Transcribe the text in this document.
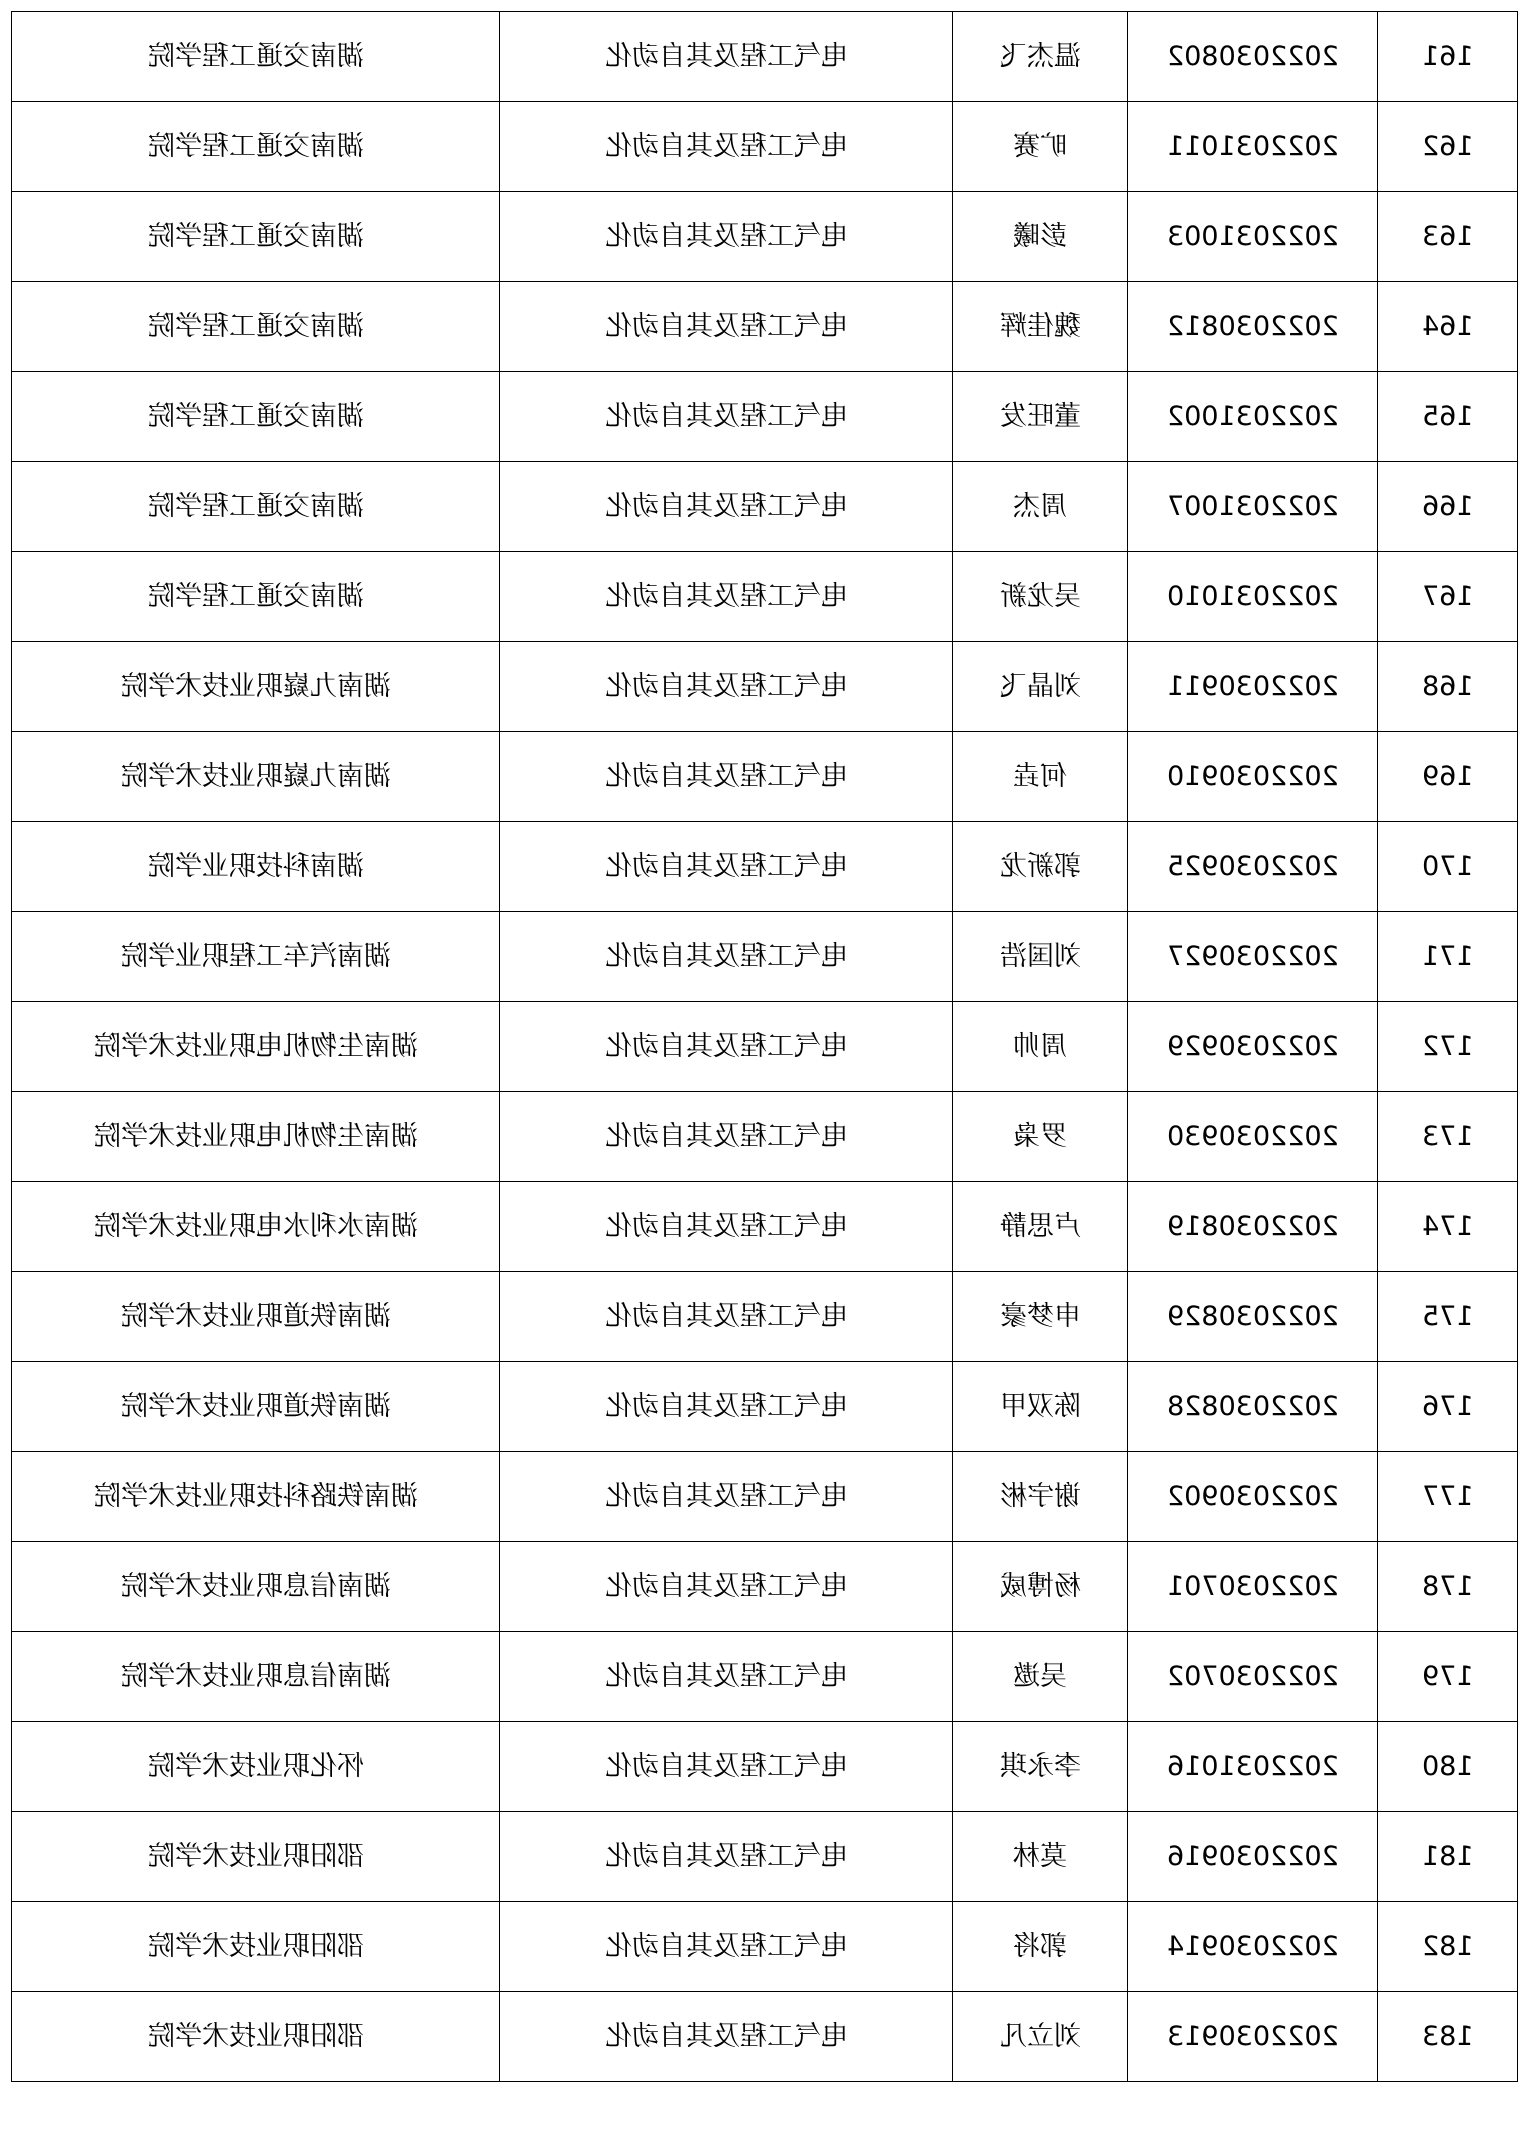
湖南交通工程学院	电气工程及其自动化	温杰飞	2022030802	161
湖南交通工程学院	电气工程及其自动化	旷赛	2022031011	162
湖南交通工程学院	电气工程及其自动化	彭曦	2022031003	163
湖南交通工程学院	电气工程及其自动化	魏佳辉	2022030812	164
湖南交通工程学院	电气工程及其自动化	董旺发	2022031002	165
湖南交通工程学院	电气工程及其自动化	周杰	2022031007	166
湖南交通工程学院	电气工程及其自动化	吴龙新	2022031010	167
湖南九嶷职业技术学院	电气工程及其自动化	刘晶飞	2022030911	168
湖南九嶷职业技术学院	电气工程及其自动化	何垚	2022030910	169
湖南科技职业学院	电气工程及其自动化	郭新龙	2022030925	170
湖南汽车工程职业学院	电气工程及其自动化	刘国浩	2022030927	171
湖南生物机电职业技术学院	电气工程及其自动化	周帅	2022030929	172
湖南生物机电职业技术学院	电气工程及其自动化	罗枭	2022030930	173
湖南水利水电职业技术学院	电气工程及其自动化	卢思静	2022030819	174
湖南铁道职业技术学院	电气工程及其自动化	申梦豪	2022030829	175
湖南铁道职业技术学院	电气工程及其自动化	陈双甲	2022030828	176
湖南铁路科技职业技术学院	电气工程及其自动化	谢宇彬	2022030902	177
湖南信息职业技术学院	电气工程及其自动化	杨博威	2022030701	178
湖南信息职业技术学院	电气工程及其自动化	吴遨	2022030702	179
怀化职业技术学院	电气工程及其自动化	李永琪	2022031016	180
邵阳职业技术学院	电气工程及其自动化	莫林	2022030916	181
邵阳职业技术学院	电气工程及其自动化	郭将	2022030914	182
邵阳职业技术学院	电气工程及其自动化	刘立凡	2022030913	183
